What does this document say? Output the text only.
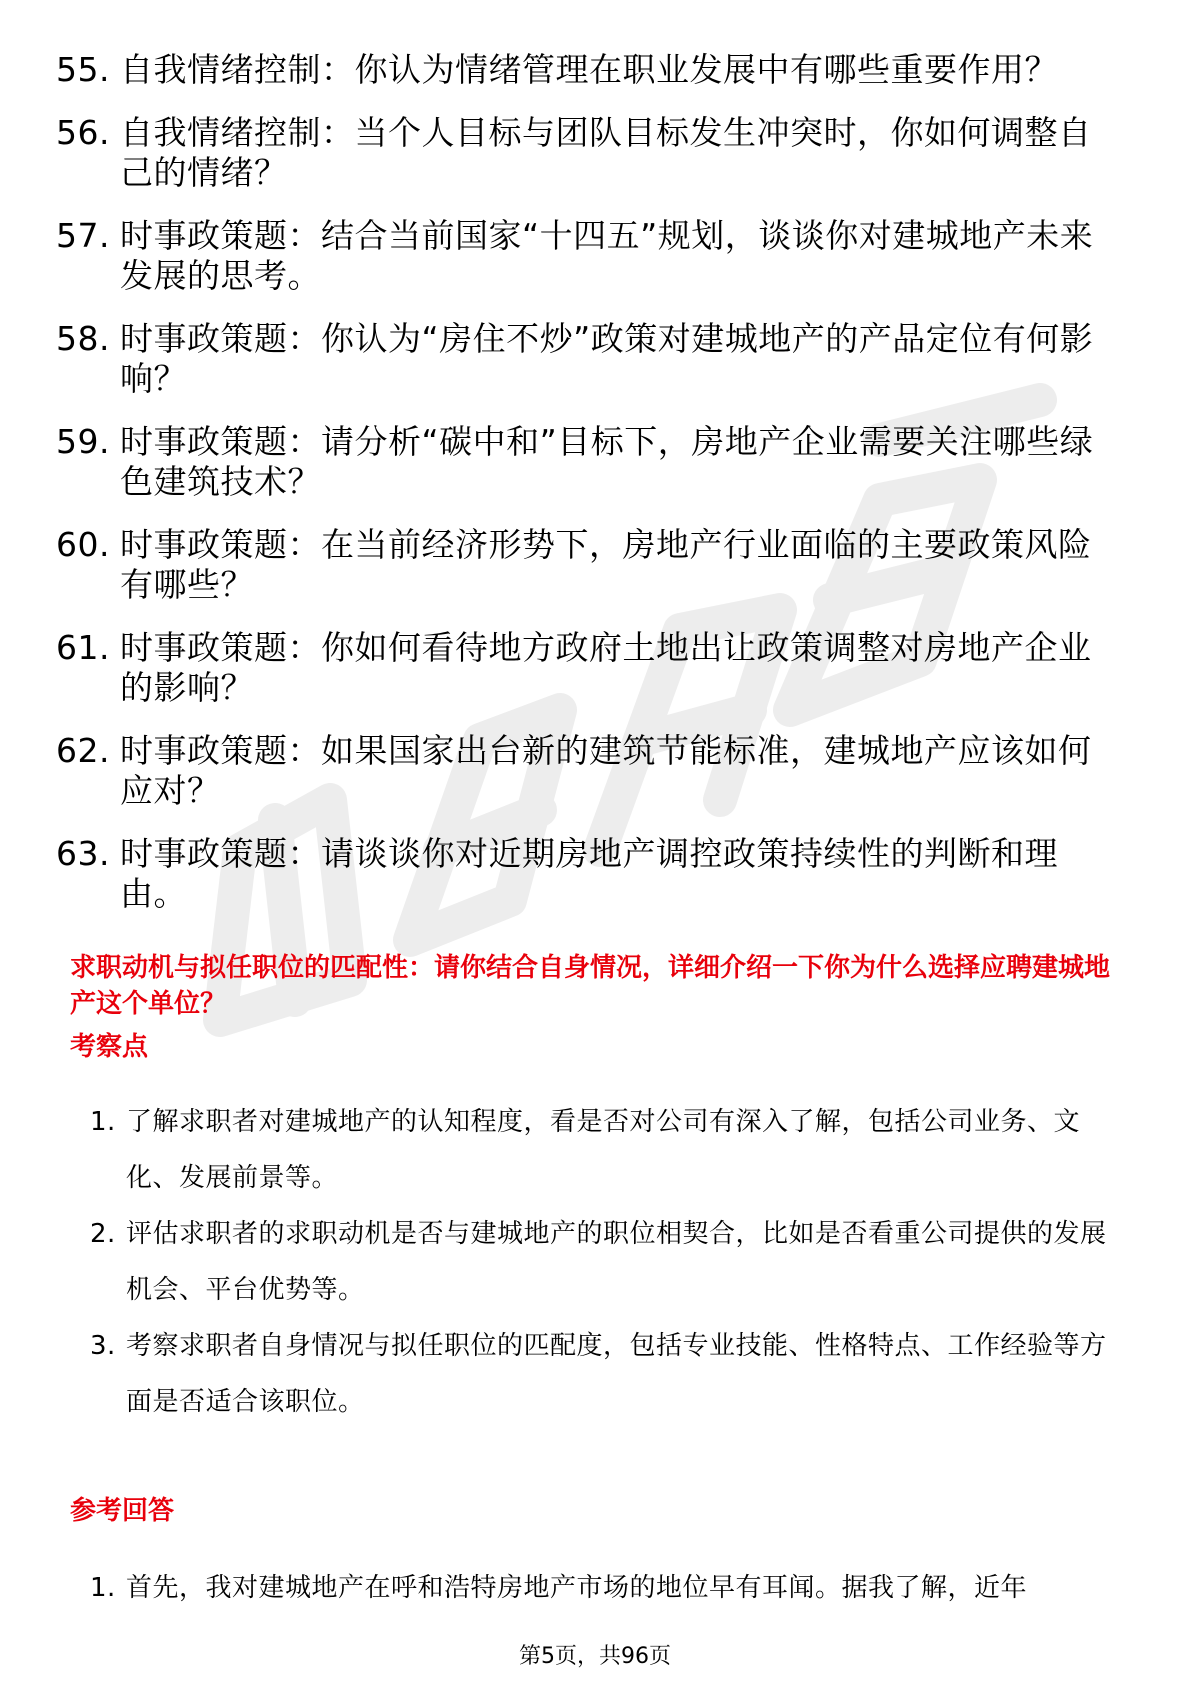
55. 自我情绪控制：你认为情绪管理在职业发展中有哪些重要作用？
56. 自我情绪控制：当个人目标与团队目标发生冲突时，你如何调整自己的情绪？
57. 时事政策题：结合当前国家“十四五”规划，谈谈你对建城地产未来发展的思考。
58. 时事政策题：你认为“房住不炒”政策对建城地产的产品定位有何影响？
59. 时事政策题：请分析“碳中和”目标下，房地产企业需要关注哪些绿色建筑技术？
60. 时事政策题：在当前经济形势下，房地产行业面临的主要政策风险有哪些？
61. 时事政策题：你如何看待地方政府土地出让政策调整对房地产企业的影响？
62. 时事政策题：如果国家出台新的建筑节能标准，建城地产应该如何应对？
63. 时事政策题：请谈谈你对近期房地产调控政策持续性的判断和理由。
求职动机与拟任职位的匹配性：请你结合自身情况，详细介绍一下你为什么选择应聘建城地产这个单位？
考察点
1. 了解求职者对建城地产的认知程度，看是否对公司有深入了解，包括公司业务、文化、发展前景等。
2. 评估求职者的求职动机是否与建城地产的职位相契合，比如是否看重公司提供的发展机会、平台优势等。
3. 考察求职者自身情况与拟任职位的匹配度，包括专业技能、性格特点、工作经验等方面是否适合该职位。
参考回答
1. 首先，我对建城地产在呼和浩特房地产市场的地位早有耳闻。据我了解，近年
第5页，共96页
